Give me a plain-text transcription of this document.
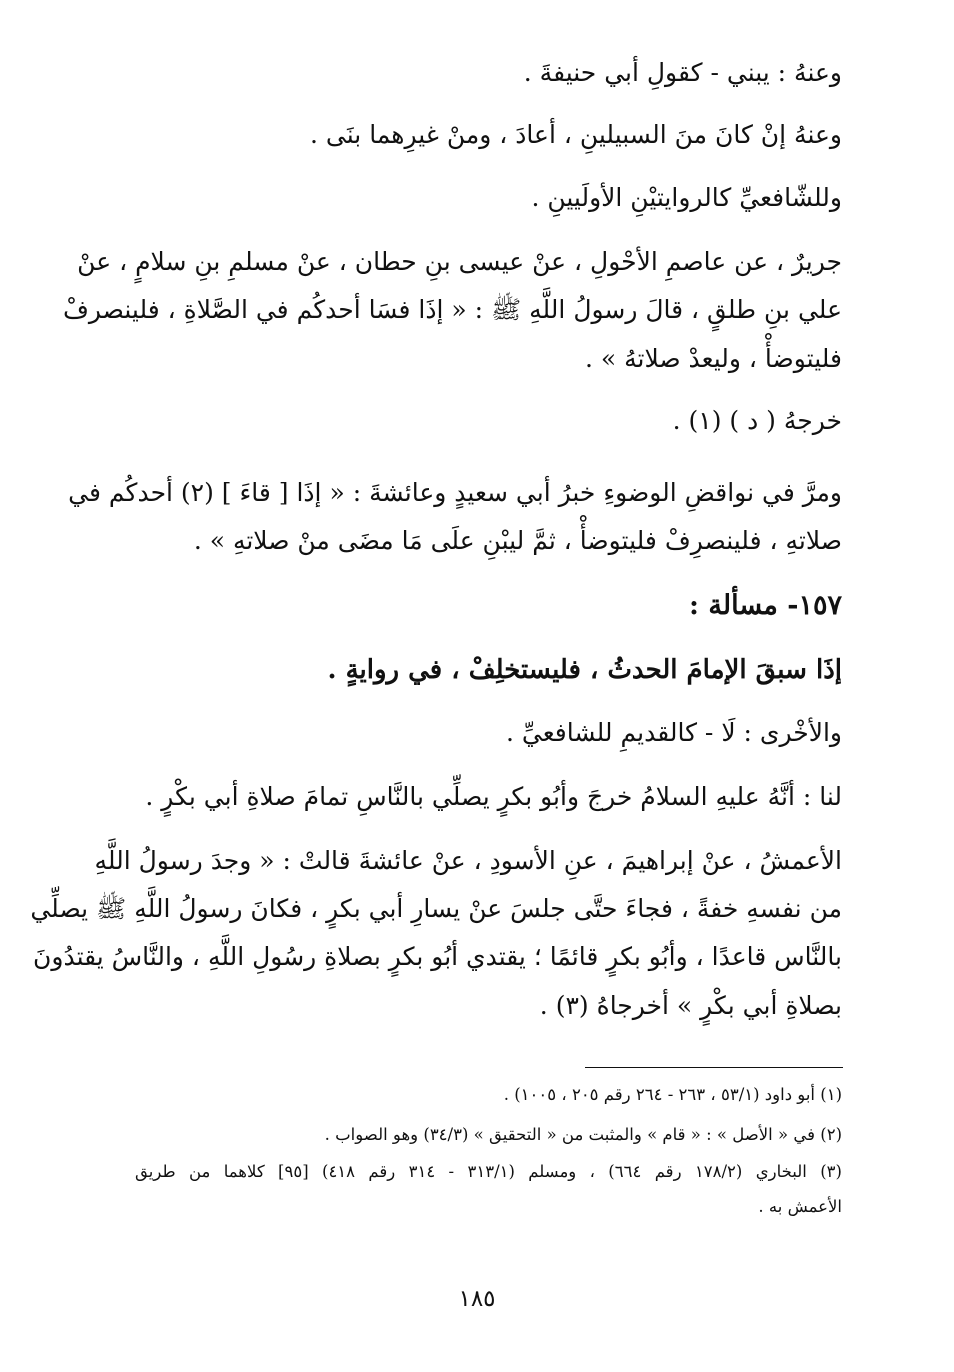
وعنهُ : يبني - كقولِ أبي حنيفةَ .
وعنهُ إنْ كانَ منَ السبيلينِ ، أعادَ ، ومنْ غيرِهما بنَى .
وللشّافعيِّ كالروايتيْنِ الأولَيينِ .
جريرٌ ، عن عاصمِ الأحْولِ ، عنْ عيسى بنِ حطان ، عنْ مسلمِ بنِ سلامٍ ، عنْ
علي بنِ طلقٍ ، قالَ رسولُ اللَّهِ ﷺ : « إذَا فسَا أحدكُم في الصَّلاةِ ، فلينصرفْ
فليتوضأْ ، وليعدْ صلاتهُ » .
خرجهُ ( د ) (١) .
ومرَّ في نواقضِ الوضوءِ خبرُ أبي سعيدٍ وعائشةَ : « إذَا [ قاءَ ] (٢) أحدكُم في
صلاتهِ ، فلينصرِفْ فليتوضأْ ، ثمَّ ليبْنِ علَى مَا مضَى منْ صلاتهِ » .
١٥٧- مسألة :
إذَا سبقَ الإمامَ الحدثُ ، فليستخلِفْ ، في روايةٍ .
والأخْرى : لَا - كالقديمِ للشافعيِّ .
لنا : أنَّهُ عليهِ السلامُ خرجَ وأبُو بكرٍ يصلِّي بالنَّاسِ تمامَ صلاةِ أبي بكْرٍ .
الأعمشُ ، عنْ إبراهيمَ ، عنِ الأسودِ ، عنْ عائشةَ قالتْ : « وجدَ رسولُ اللَّهِ
من نفسهِ خفةً ، فجاءَ حتَّى جلسَ عنْ يسارِ أبي بكرٍ ، فكانَ رسولُ اللَّهِ ﷺ يصلِّي
بالنَّاس قاعدًا ، وأبُو بكرٍ قائمًا ؛ يقتدي أبُو بكرٍ بصلاةِ رسُولِ اللَّهِ ، والنَّاسُ يقتدُونَ
بصلاةِ أبي بكْرٍ » أخرجاهُ (٣) .
(١) أبو داود (٥٣/١ ، ٢٦٣ - ٢٦٤ رقم ٢٠٥ ، ١٠٠٥) .
(٢) في « الأصل » : « قام » والمثبت من « التحقيق » (٣٤/٣) وهو الصواب .
(٣) البخاري (١٧٨/٢ رقم ٦٦٤) ، ومسلم (٣١٣/١ - ٣١٤ رقم ٤١٨) [٩٥] كلاهما من طريق
الأعمش به .
١٨٥
